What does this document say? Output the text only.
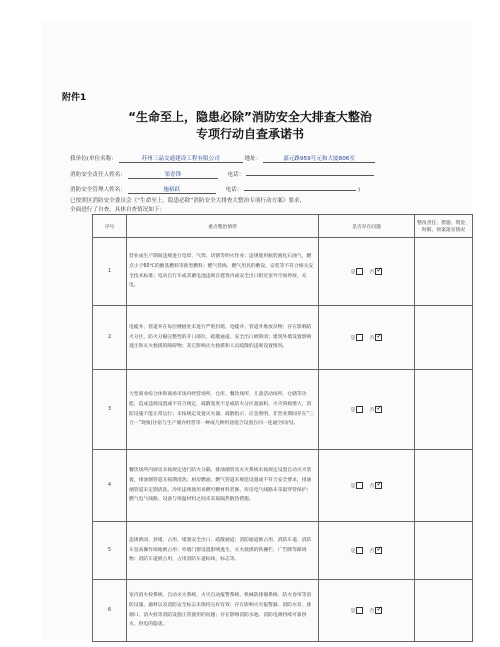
附件1
“生命至上，隐患必除”消防安全大排查大整治
专项行动自查承诺书
我单位(单位名称：	苏州三晶交通建设工程有限公司	地址：	嘉元路959号元和大厦806室
消防安全责任人姓名：	邹青锋	电话：
消防安全管理人姓名：	施裕跃	电话：	)
已按照区消防安全委员会《“生命至上，隐患必除”消防安全大排查大整治专项行动方案》要求，
全面进行了自查，具体自查情况如下：
序号	重点整治情形	是否存在问题	整改责任、措施、资金、时限、预案落实情况
1	营业成生产期间违规进行电焊、气焊、切割等明火作业；违规使用瓶装液化石油气，燃点小于60℃的醇基燃料等新型燃料；燃气管线、燃气用具的敷设、安装等不符合相关安全技术标准；电动自行车或其蓄电池违规在建筑内或安全出口附近室外空间停放、充电。	是 否✓	
2	电缆井、管道井在每层楼板处未进行严密封堵，电缆井、管道井堆放杂物；存在影响防火分区、防火分隔完整性的开口部位，疏散通道、安全出口被锁闭；建筑外墙设置影响逃生和灭火救援的障碍物；其它影响灭火救援和人员疏散的违规设置情况。	是 否✓	
3	大型商业综合体和商场市场内经营场所、仓库、餐饮场所、儿童活动场所、仓储等功能，造成违规设置或不符合规定，疏散宽度不足或防火分区超面积、火灾荷载增大、消防设施不能正常运行；未按规定设置灭火器、疏散指示、应急照明，非营业期间存在“三合一”现象(住宿与生产储存经营等一种或几种用途混合设置在同一连通空间内)。	是 否✓	
4	餐饮场所内厨房未按规定进行防火分隔，排油烟管及灭火系统未按规定设置自动灭火装置，排油烟管道未按期清洗；厨房燃油、燃气管道未规范设置或不符合安全要求，排油烟管道未定期清洗，冷库违规使用易燃可燃材料装修，库房电气线路未采取穿管保护；燃气电气线路、设备与保温材料之间未采取隔热散热措施。	是 否✓	
5	违规锁闭、封堵、占用、堵塞安全出口、疏散通道；消防通道被占用，消防车道、消防车登高操作场地被占用；外墙门窗设置影响逃生、灭火救援的铁栅栏、广告牌等障碍物；消防车道被占用，占用消防车道标线、标志等。	是 否✓	
6	室内消火栓系统、自动灭火系统、火灾自动报警系统、机械防排烟系统、防火卷帘等消防设施、器材以及消防安全标志未保持完好有效；存在影响火灾报警器、消防水泵、排烟口、消火栓等消防设施正常使用的问题；存在影响消防水池、消防电源持续可靠供水、供电的隐患。	是 否✓	
